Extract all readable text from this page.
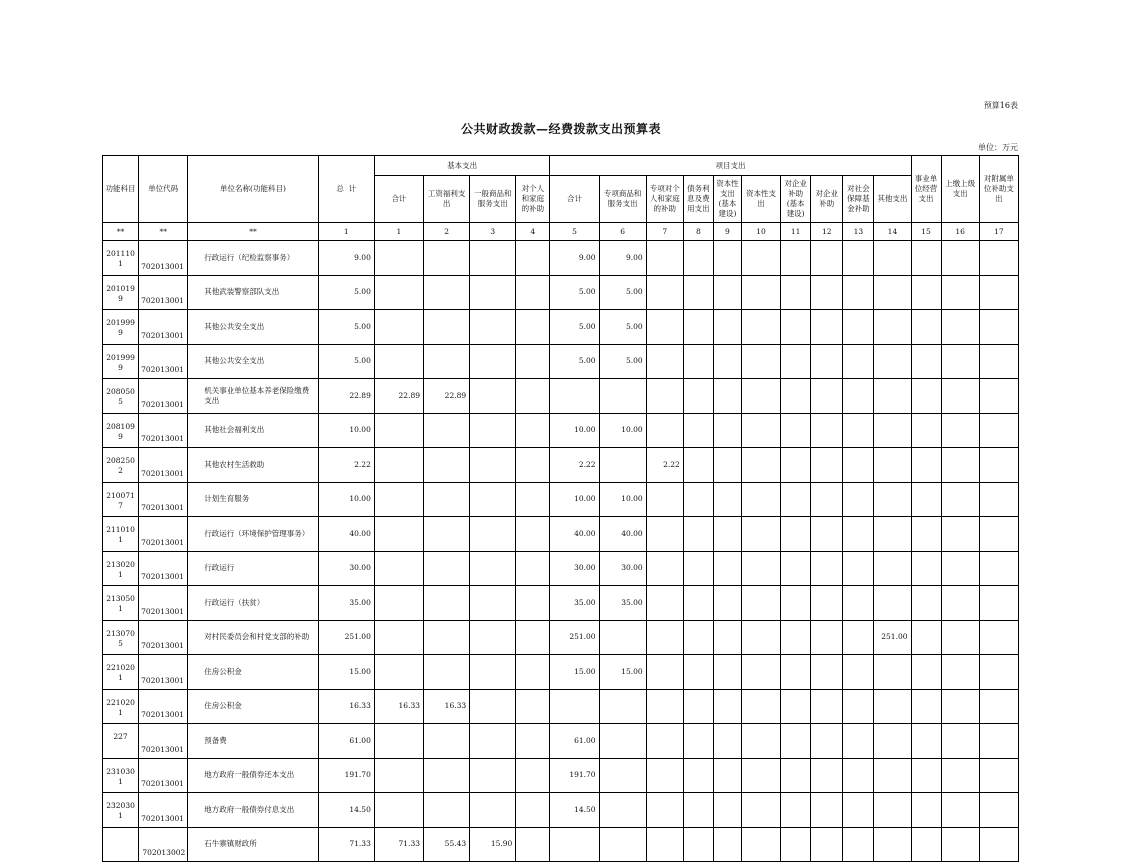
预算16表
公共财政拨款—经费拨款支出预算表
单位：万元
功能科目	单位代码	单位名称(功能科目)	总  计	基本支出				项目支出										事业单位经营支出	上缴上级支出	对附属单位补助支出
				合计	工资福利支出	一般商品和服务支出	对个人和家庭的补助	合计	专项商品和服务支出	专项对个人和家庭的补助	债务利息及费用支出	资本性支出(基本建设)	资本性支出	对企业补助(基本建设)	对企业补助	对社会保障基金补助	其他支出			
**	**	**	1	1	2	3	4	5	6	7	8	9	10	11	12	13	14	15	16	17
2011101	702013001	行政运行（纪检监察事务）	9.00					9.00	9.00											
2010199	702013001	其他武装警察部队支出	5.00					5.00	5.00											
2019999	702013001	其他公共安全支出	5.00					5.00	5.00											
2019999	702013001	其他公共安全支出	5.00					5.00	5.00											
2080505	702013001	机关事业单位基本养老保险缴费支出	22.89	22.89	22.89															
2081099	702013001	其他社会福利支出	10.00					10.00	10.00											
2082502	702013001	其他农村生活救助	2.22					2.22		2.22										
2100717	702013001	计划生育服务	10.00					10.00	10.00											
2110101	702013001	行政运行（环境保护管理事务）	40.00					40.00	40.00											
2130201	702013001	行政运行	30.00					30.00	30.00											
2130501	702013001	行政运行（扶贫）	35.00					35.00	35.00											
2130705	702013001	对村民委员会和村党支部的补助	251.00					251.00									251.00			
2210201	702013001	住房公积金	15.00					15.00	15.00											
2210201	702013001	住房公积金	16.33	16.33	16.33															
227	702013001	预备费	61.00					61.00												
2310301	702013001	地方政府一般债券还本支出	191.70					191.70												
2320301	702013001	地方政府一般债券付息支出	14.50					14.50												
	702013002	石牛寨镇财政所	71.33	71.33	55.43	15.90														
